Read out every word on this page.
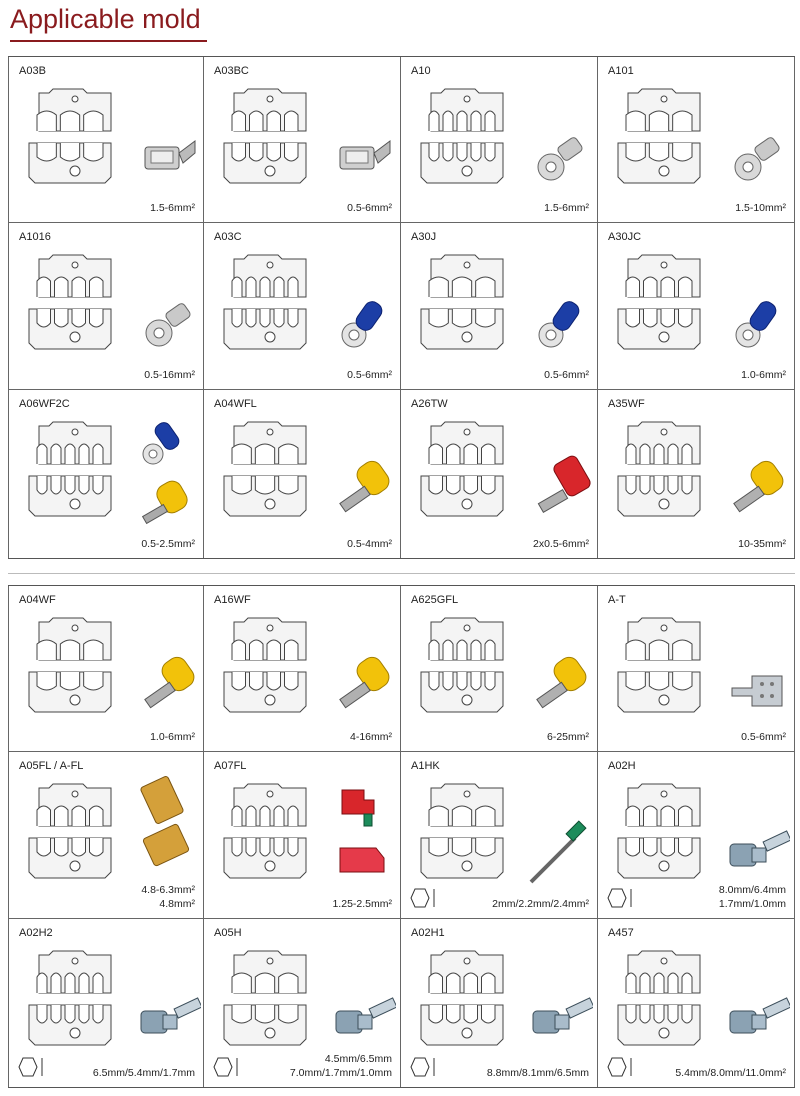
Applicable mold
A03B
1.5-6mm²
A03BC
0.5-6mm²
A10
1.5-6mm²
A101
1.5-10mm²
A1016
0.5-16mm²
A03C
0.5-6mm²
A30J
0.5-6mm²
A30JC
1.0-6mm²
A06WF2C
0.5-2.5mm²
A04WFL
0.5-4mm²
A26TW
2x0.5-6mm²
A35WF
10-35mm²
A04WF
1.0-6mm²
A16WF
4-16mm²
A625GFL
6-25mm²
A-T
0.5-6mm²
A05FL / A-FL
4.8-6.3mm²
4.8mm²
A07FL
1.25-2.5mm²
A1HK
2mm/2.2mm/2.4mm²
A02H
8.0mm/6.4mm
1.7mm/1.0mm
A02H2
6.5mm/5.4mm/1.7mm
A05H
4.5mm/6.5mm
7.0mm/1.7mm/1.0mm
A02H1
8.8mm/8.1mm/6.5mm
A457
5.4mm/8.0mm/11.0mm²
